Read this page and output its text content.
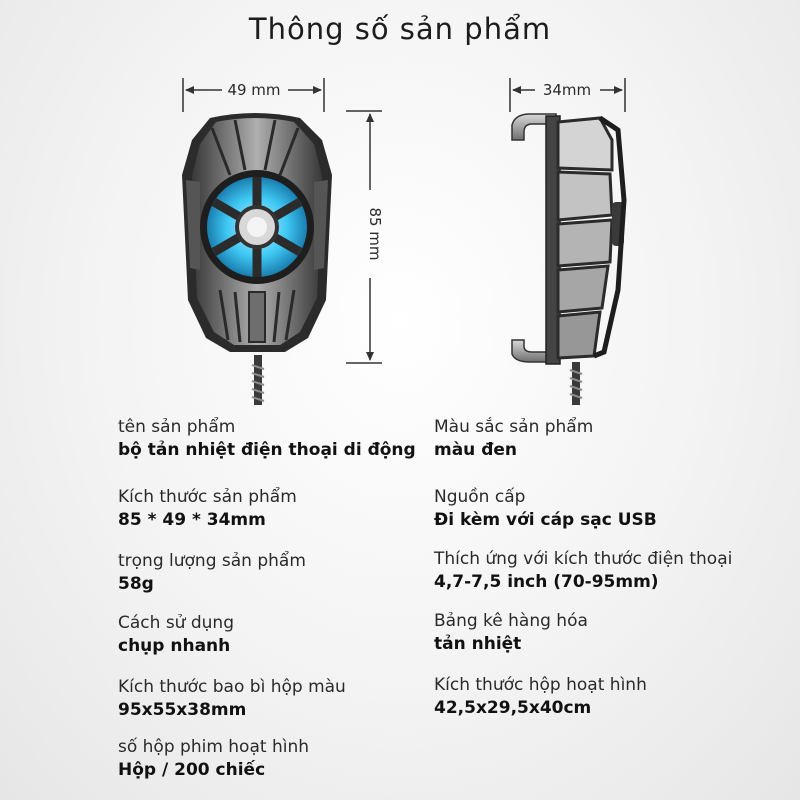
Thông số sản phẩm
49 mm
85 mm
34mm
tên sản phẩm
bộ tản nhiệt điện thoại di động
Kích thước sản phẩm
85 * 49 * 34mm
trọng lượng sản phẩm
58g
Cách sử dụng
chụp nhanh
Kích thước bao bì hộp màu
95x55x38mm
số hộp phim hoạt hình
Hộp / 200 chiếc
Màu sắc sản phẩm
màu đen
Nguồn cấp
Đi kèm với cáp sạc USB
Thích ứng với kích thước điện thoại
4,7-7,5 inch (70-95mm)
Bảng kê hàng hóa
tản nhiệt
Kích thước hộp hoạt hình
42,5x29,5x40cm
